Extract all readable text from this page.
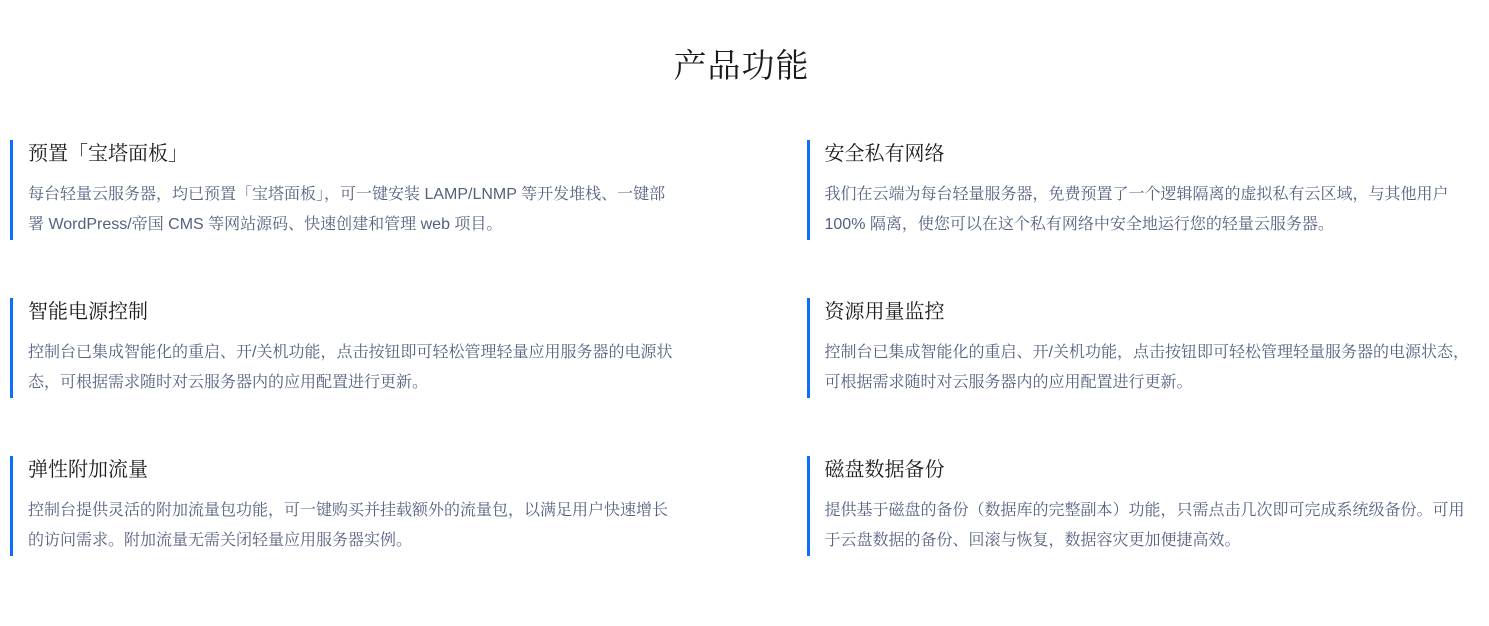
产品功能
预置「宝塔面板」

每台轻量云服务器，均已预置「宝塔面板」，可一键安装 LAMP/LNMP 等开发堆栈、一键部署 WordPress/帝国 CMS 等网站源码、快速创建和管理 web 项目。

安全私有网络

我们在云端为每台轻量服务器，免费预置了一个逻辑隔离的虚拟私有云区域，与其他用户 100% 隔离，使您可以在这个私有网络中安全地运行您的轻量云服务器。

智能电源控制

控制台已集成智能化的重启、开/关机功能，点击按钮即可轻松管理轻量应用服务器的电源状态，可根据需求随时对云服务器内的应用配置进行更新。

资源用量监控

控制台已集成智能化的重启、开/关机功能，点击按钮即可轻松管理轻量服务器的电源状态，可根据需求随时对云服务器内的应用配置进行更新。

弹性附加流量

控制台提供灵活的附加流量包功能，可一键购买并挂载额外的流量包，以满足用户快速增长的访问需求。附加流量无需关闭轻量应用服务器实例。

磁盘数据备份

提供基于磁盘的备份（数据库的完整副本）功能，只需点击几次即可完成系统级备份。可用于云盘数据的备份、回滚与恢复，数据容灾更加便捷高效。
